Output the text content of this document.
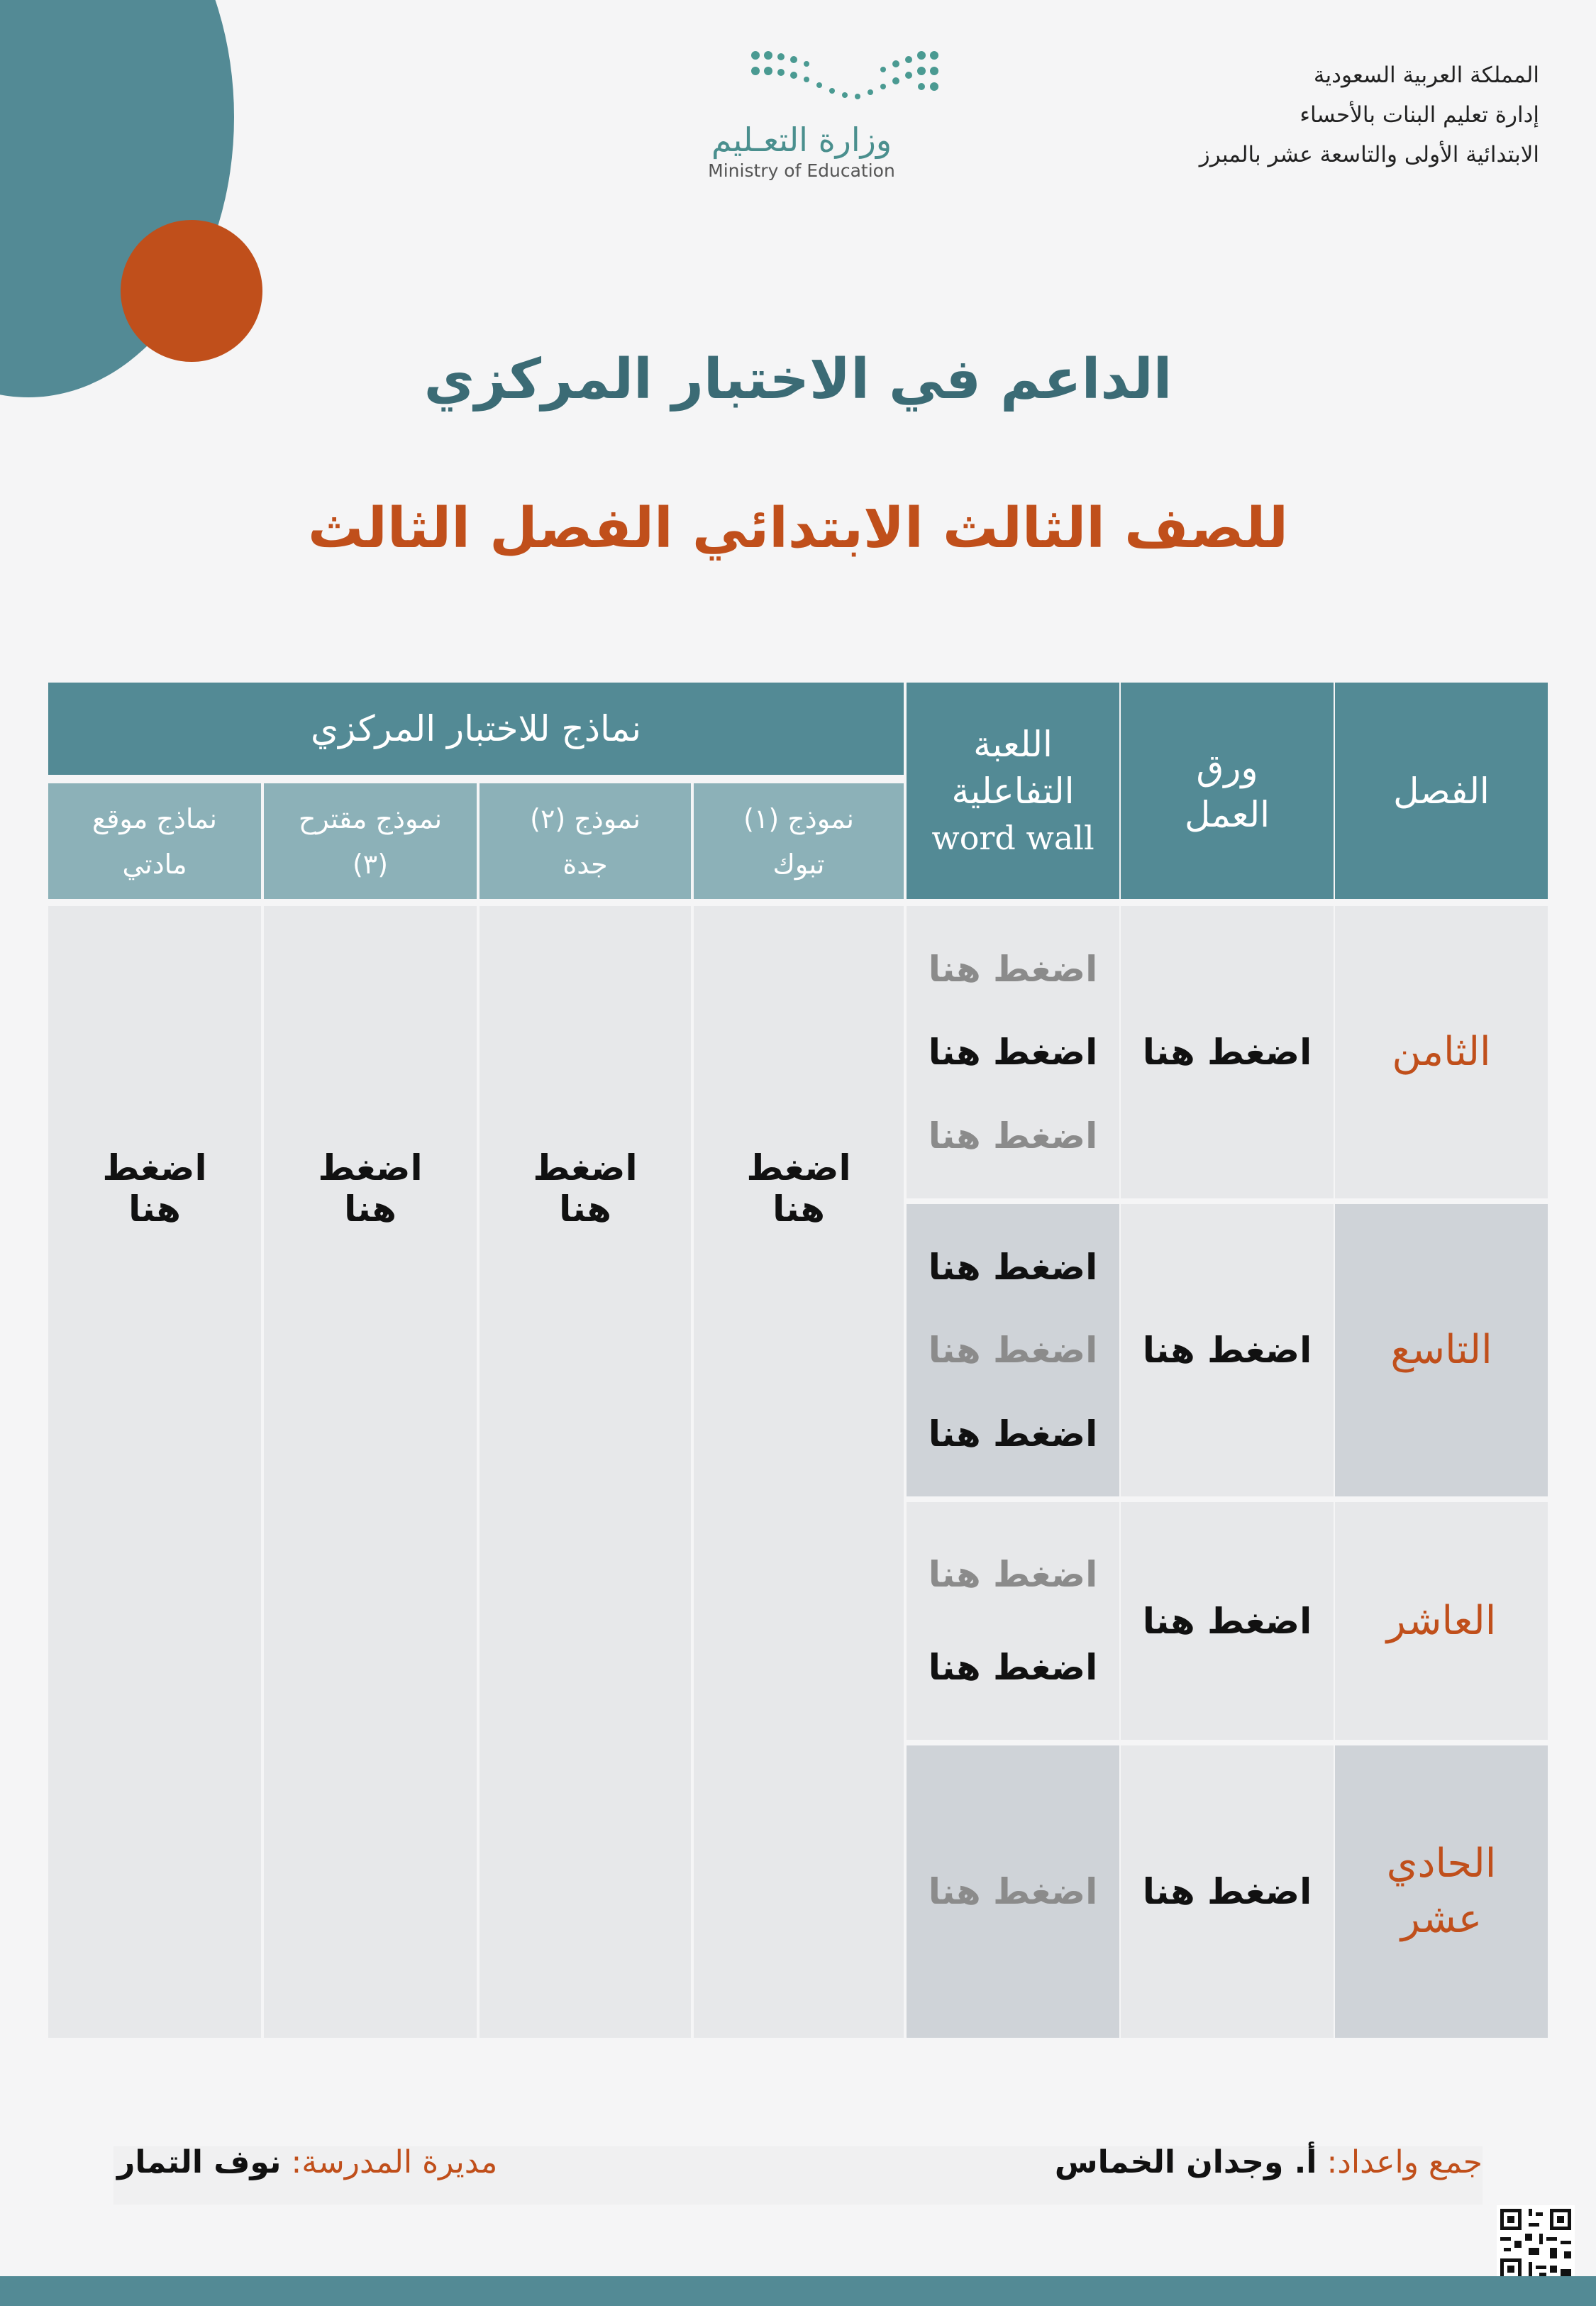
المملكة العربية السعودية
إدارة تعليم البنات بالأحساء
الابتدائية الأولى والتاسعة عشر بالمبرز
وزارة التعـليم
Ministry of Education
الداعم في الاختبار المركزي
للصف الثالث الابتدائي الفصل الثالث
الفصل
ورق
العمل
اللعبة
التفاعلية
word wall
نماذج للاختبار المركزي
نموذج (١)
تبوك
نموذج (٢)
جدة
نموذج مقترح
(٣)
نماذج موقع
مادتي
الثامن
اضغط هنا
اضغط هنا
اضغط هنا
اضغط هنا
التاسع
اضغط هنا
اضغط هنا
اضغط هنا
اضغط هنا
العاشر
اضغط هنا
اضغط هنا
اضغط هنا
الحادي
عشر
اضغط هنا
اضغط هنا
اضغط
هنا
اضغط
هنا
اضغط
هنا
اضغط
هنا
جمع واعداد: أ. وجدان الخماس
مديرة المدرسة: نوف التمار
